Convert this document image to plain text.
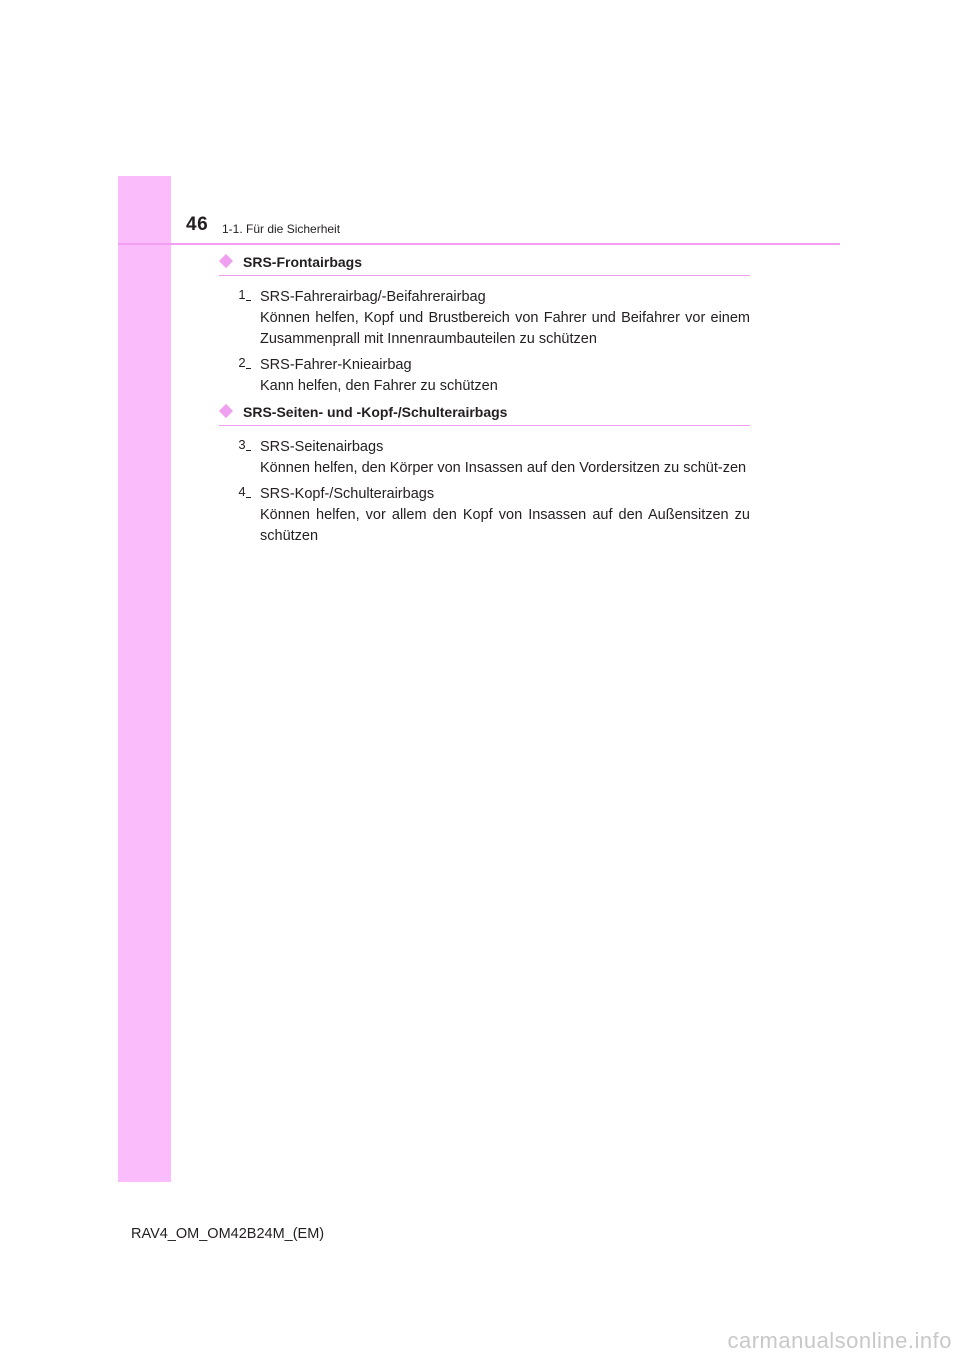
46 1-1. Für die Sicherheit
SRS-Frontairbags
1 SRS-Fahrerairbag/-Beifahrerairbag
Können helfen, Kopf und Brustbereich von Fahrer und Beifahrer vor einem Zusammenprall mit Innenraumbauteilen zu schützen
2 SRS-Fahrer-Knieairbag
Kann helfen, den Fahrer zu schützen
SRS-Seiten- und -Kopf-/Schulterairbags
3 SRS-Seitenairbags
Können helfen, den Körper von Insassen auf den Vordersitzen zu schüt-zen
4 SRS-Kopf-/Schulterairbags
Können helfen, vor allem den Kopf von Insassen auf den Außensitzen zu schützen
RAV4_OM_OM42B24M_(EM)
carmanualsonline.info
